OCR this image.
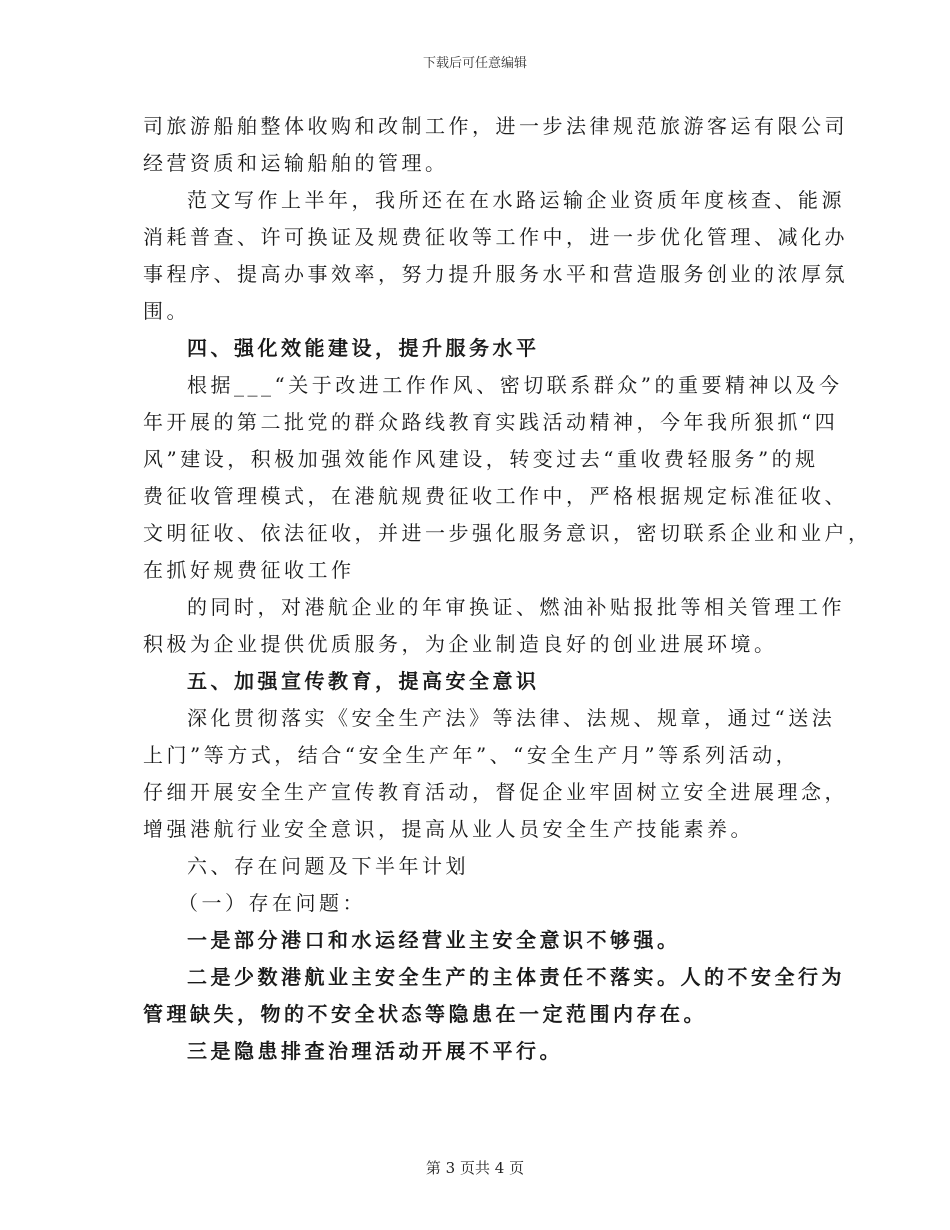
下载后可任意编辑
司旅游船舶整体收购和改制工作，进一步法律规范旅游客运有限公司
经营资质和运输船舶的管理。
范文写作上半年，我所还在在水路运输企业资质年度核查、能源
消耗普查、许可换证及规费征收等工作中，进一步优化管理、减化办
事程序、提高办事效率，努力提升服务水平和营造服务创业的浓厚氛
围。
四、强化效能建设，提升服务水平
根据___“关于改进工作作风、密切联系群众”的重要精神以及今
年开展的第二批党的群众路线教育实践活动精神，今年我所狠抓“四
风”建设，积极加强效能作风建设，转变过去“重收费轻服务”的规
费征收管理模式，在港航规费征收工作中，严格根据规定标准征收、
文明征收、依法征收，并进一步强化服务意识，密切联系企业和业户，
在抓好规费征收工作
的同时，对港航企业的年审换证、燃油补贴报批等相关管理工作
积极为企业提供优质服务，为企业制造良好的创业进展环境。
五、加强宣传教育，提高安全意识
深化贯彻落实《安全生产法》等法律、法规、规章，通过“送法
上门”等方式，结合“安全生产年”、“安全生产月”等系列活动，
仔细开展安全生产宣传教育活动，督促企业牢固树立安全进展理念，
增强港航行业安全意识，提高从业人员安全生产技能素养。
六、存在问题及下半年计划
（一）存在问题：
一是部分港口和水运经营业主安全意识不够强。
二是少数港航业主安全生产的主体责任不落实。人的不安全行为
管理缺失，物的不安全状态等隐患在一定范围内存在。
三是隐患排查治理活动开展不平行。
第 3 页共 4 页
